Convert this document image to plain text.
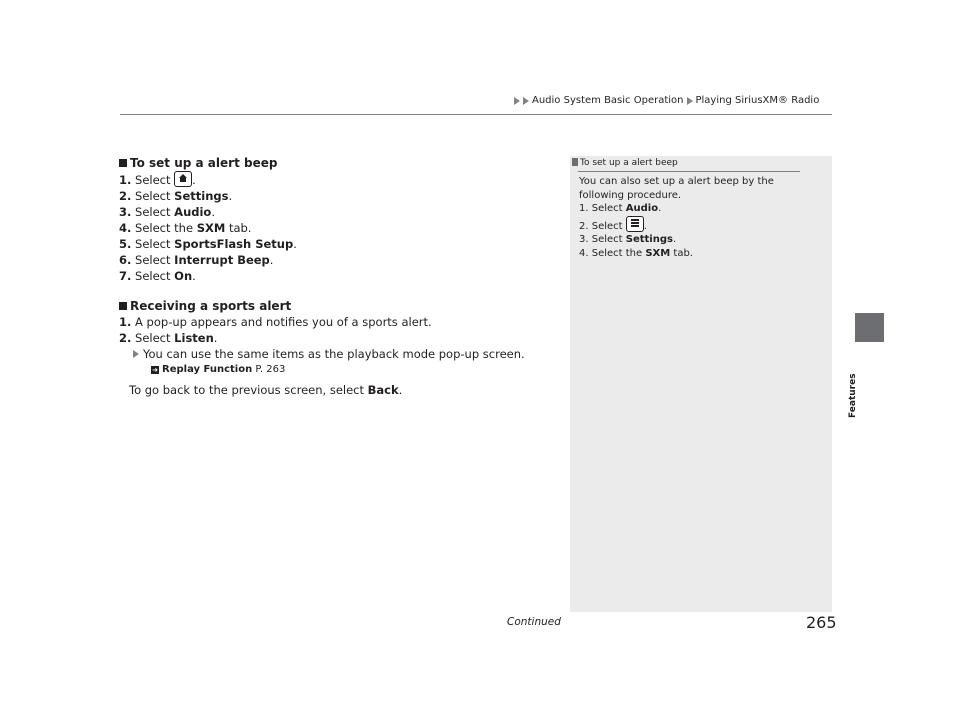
Audio System Basic Operation Playing SiriusXM® Radio
Features
To set up a alert beep
1. Select .
2. Select Settings.
3. Select Audio.
4. Select the SXM tab.
5. Select SportsFlash Setup.
6. Select Interrupt Beep.
7. Select On.
Receiving a sports alert
1. A pop-up appears and notifies you of a sports alert.
2. Select Listen.
You can use the same items as the playback mode pop-up screen.
➜ Replay Function P. 263
To go back to the previous screen, select Back.
To set up a alert beep
You can also set up a alert beep by the following procedure.
1. Select Audio.
2. Select .
3. Select Settings.
4. Select the SXM tab.
Continued	265
